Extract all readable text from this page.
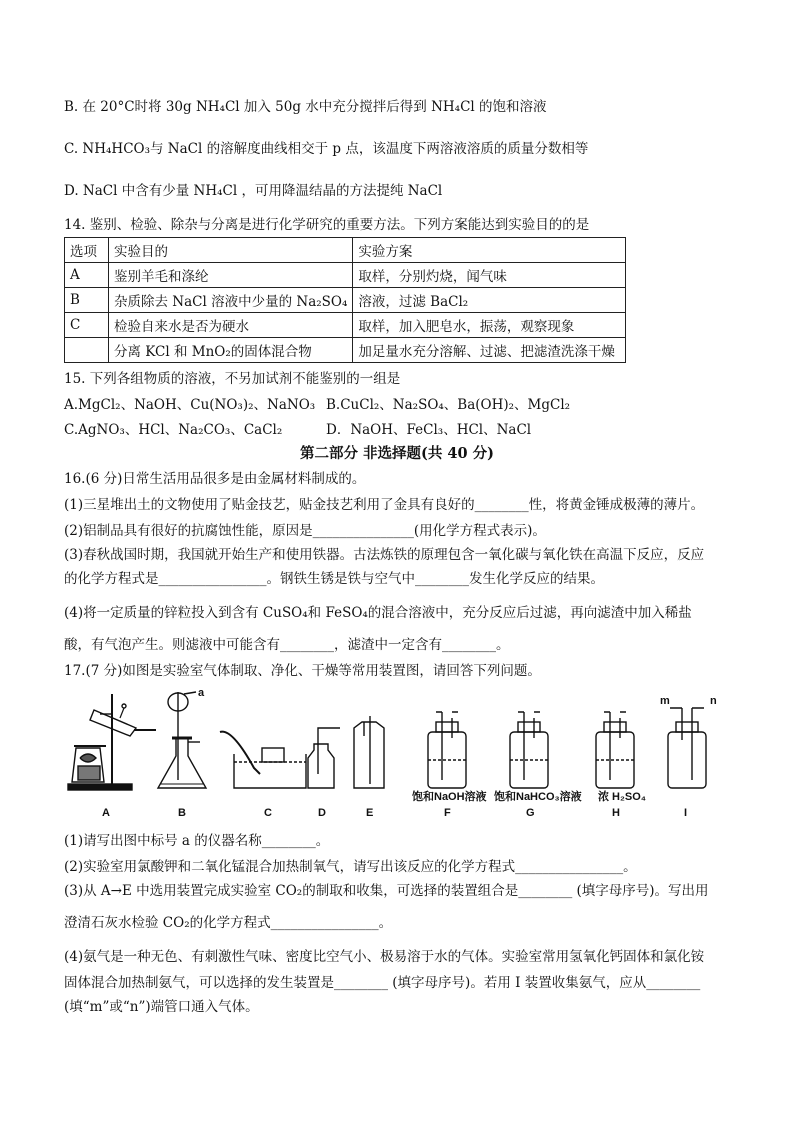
B. 在 20°C时将 30g NH₄Cl 加入 50g 水中充分搅拌后得到 NH₄Cl 的饱和溶液
C. NH₄HCO₃与 NaCl 的溶解度曲线相交于 p 点，该温度下两溶液溶质的质量分数相等
D. NaCl 中含有少量 NH₄Cl ，可用降温结晶的方法提纯 NaCl
14. 鉴别、检验、除杂与分离是进行化学研究的重要方法。下列方案能达到实验目的的是
选项	实验目的	实验方案
A	鉴别羊毛和涤纶	取样，分别灼烧，闻气味
B	杂质除去 NaCl 溶液中少量的 Na₂SO₄	溶液，过滤 BaCl₂
C	检验自来水是否为硬水	取样，加入肥皂水，振荡，观察现象
	分离 KCl 和 MnO₂的固体混合物	加足量水充分溶解、过滤、把滤渣洗涤干燥
15. 下列各组物质的溶液，不另加试剂不能鉴别的一组是
A.MgCl₂、NaOH、Cu(NO₃)₂、NaNO₃ B.CuCl₂、Na₂SO₄、Ba(OH)₂、MgCl₂
C.AgNO₃、HCl、Na₂CO₃、CaCl₂	D．NaOH、FeCl₃、HCl、NaCl
第二部分 非选择题(共 40 分)
16.(6 分)日常生活用品很多是由金属材料制成的。
(1)三星堆出土的文物使用了贴金技艺，贴金技艺利用了金具有良好的________性，将黄金锤成极薄的薄片。
(2)铝制品具有很好的抗腐蚀性能，原因是_______________(用化学方程式表示)。
(3)春秋战国时期，我国就开始生产和使用铁器。古法炼铁的原理包含一氧化碳与氧化铁在高温下反应，反应
的化学方程式是________________。钢铁生锈是铁与空气中________发生化学反应的结果。
(4)将一定质量的锌粒投入到含有 CuSO₄和 FeSO₄的混合溶液中，充分反应后过滤，再向滤渣中加入稀盐
酸，有气泡产生。则滤液中可能含有________，滤渣中一定含有________。
17.(7 分)如图是实验室气体制取、净化、干燥等常用装置图，请回答下列问题。
A	B	C	D	E	F	G	H	I
a
m	n
饱和NaOH溶液 饱和NaHCO₃溶液 浓 H₂SO₄
(1)请写出图中标号 a 的仪器名称________。
(2)实验室用氯酸钾和二氧化锰混合加热制氧气，请写出该反应的化学方程式________________。
(3)从 A→E 中选用装置完成实验室 CO₂的制取和收集，可选择的装置组合是________ (填字母序号)。写出用
澄清石灰水检验 CO₂的化学方程式________________。
(4)氨气是一种无色、有刺激性气味、密度比空气小、极易溶于水的气体。实验室常用氢氧化钙固体和氯化铵
固体混合加热制氨气，可以选择的发生装置是________ (填字母序号)。若用 I 装置收集氨气，应从________
(填“m”或“n”)端管口通入气体。
